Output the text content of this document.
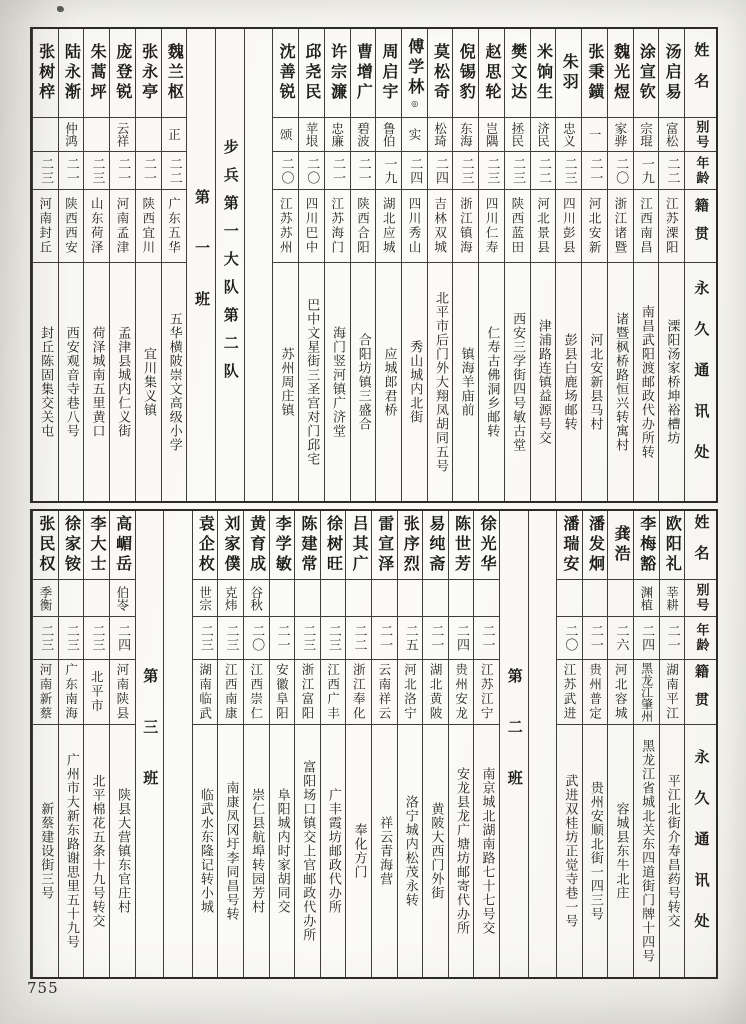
姓名
别号
年龄
籍贯
永久通讯处
汤启易
富松
二二
江苏溧阳
溧阳汤家桥坤裕槽坊
涂宣钦
宗琨
一九
江西南昌
南昌武阳渡邮政代办所转
魏光煜
家骅
二〇
浙江诸暨
诸暨枫桥路恒兴转寓村
张秉鐄
一
二一
河北安新
河北安新县马村
朱羽
忠义
二三
四川彭县
彭县白鹿场邮转
米饷生
济民
二二
河北景县
津浦路连镇益源号交
樊文达
拯民
二三
陕西蓝田
西安三学街四号敏古堂
赵思轮
岂隅
二三
四川仁寿
仁寿古佛洞乡邮转
倪锡豹
东海
二三
浙江镇海
镇海羊庙前
莫松奇
松琦
二四
吉林双城
北平市后门外大翔凤胡同五号
傅学林◎
实
二四
四川秀山
秀山城内北街
周启宇
鲁伯
一九
湖北应城
应城郎君桥
曹增广
碧波
二一
陕西合阳
合阳坊镇三盛合
许宗濂
忠廉
二一
江苏海门
海门竖河镇广济堂
邱尧民
苹垠
二〇
四川巴中
巴中文星街三圣宫对门邱宅
沈善锐
颂
二〇
江苏苏州
苏州周庄镇
步兵第一大队第二队
第一班
魏兰枢
正
二二
广东五华
五华横陂崇文高级小学
张永亭
二一
陕西宜川
宜川集义镇
庞登锐
云祥
二一
河南孟津
孟津县城内仁义街
朱蒿坪
二三
山东荷泽
荷泽城南五里黄口
陆永渐
仲鸿
二一
陕西西安
西安观音寺巷八号
张树梓
二三
河南封丘
封丘陈固集交关屯
姓名
别号
年龄
籍贯
永久通讯处
欧阳礼
莘耕
二一
湖南平江
平江北街介寿昌药号转交
李梅豁
渊植
二四
黑龙江肇州
黑龙江省城北关东四道街门牌十四号
龚浩
二六
河北容城
容城县东牛北庄
潘发炯
二一
贵州普定
贵州安顺北街一四三号
潘瑞安
二〇
江苏武进
武进双桂坊正觉寺巷一号
第二班
徐光华
二一
江苏江宁
南京城北湖南路七十七号交
陈世芳
二四
贵州安龙
安龙县龙广塘坊邮寄代办所
易纯斋
二一
湖北黄陂
黄陂大西门外街
张序烈
二五
河北洛宁
洛宁城内松茂永转
雷宣泽
二一
云南祥云
祥云青海营
吕其广
二二
浙江奉化
奉化方门
徐树旺
二三
江西广丰
广丰霞坊邮政代办所
陈建常
二三
浙江富阳
富阳场口镇交上官邮政代办所
李学敏
二一
安徽阜阳
阜阳城内时家胡同交
黄育成
谷秋
二〇
江西崇仁
崇仁县航埠转园芳村
刘家僕
克炜
二三
江西南康
南康凤冈圩李同昌号转
袁企枚
世宗
二三
湖南临武
临武水东隆记转小城
第三班
高嵋岳
伯岺
二四
河南陕县
陕县大营镇东官庄村
李大士
二三
北平市
北平棉花五条十九号转交
徐家铵
二三
广东南海
广州市大新东路谢思里五十九号
张民权
季衡
二三
河南新蔡
新蔡建设街三号
755
